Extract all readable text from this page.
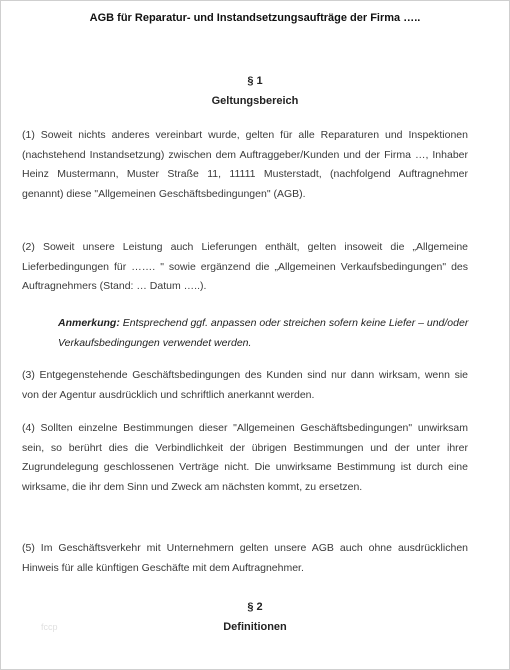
AGB für Reparatur- und Instandsetzungsaufträge der Firma …..

§ 1

Geltungsbereich

(1) Soweit nichts anderes vereinbart wurde, gelten für alle Reparaturen und Inspektionen (nachstehend Instandsetzung) zwischen dem Auftraggeber/Kunden und der Firma …, Inhaber Heinz Mustermann, Muster Straße 11, 11111 Musterstadt, (nachfolgend Auftragnehmer genannt) diese "Allgemeinen Geschäftsbedingungen" (AGB).

(2) Soweit unsere Leistung auch Lieferungen enthält, gelten insoweit die „Allgemeine Lieferbedingungen für ……. " sowie ergänzend die „Allgemeinen Verkaufsbedingungen" des Auftragnehmers (Stand: … Datum …..).

Anmerkung: Entsprechend ggf. anpassen oder streichen sofern keine Liefer – und/oder Verkaufsbedingungen verwendet werden.

(3) Entgegenstehende Geschäftsbedingungen des Kunden sind nur dann wirksam, wenn sie von der Agentur ausdrücklich und schriftlich anerkannt werden.

(4) Sollten einzelne Bestimmungen dieser "Allgemeinen Geschäftsbedingungen" unwirksam sein, so berührt dies die Verbindlichkeit der übrigen Bestimmungen und der unter ihrer Zugrundelegung geschlossenen Verträge nicht. Die unwirksame Bestimmung ist durch eine wirksame, die ihr dem Sinn und Zweck am nächsten kommt, zu ersetzen.

(5) Im Geschäftsverkehr mit Unternehmern gelten unsere AGB auch ohne ausdrücklichen Hinweis für alle künftigen Geschäfte mit dem Auftragnehmer.

§ 2

Definitionen

fccp
